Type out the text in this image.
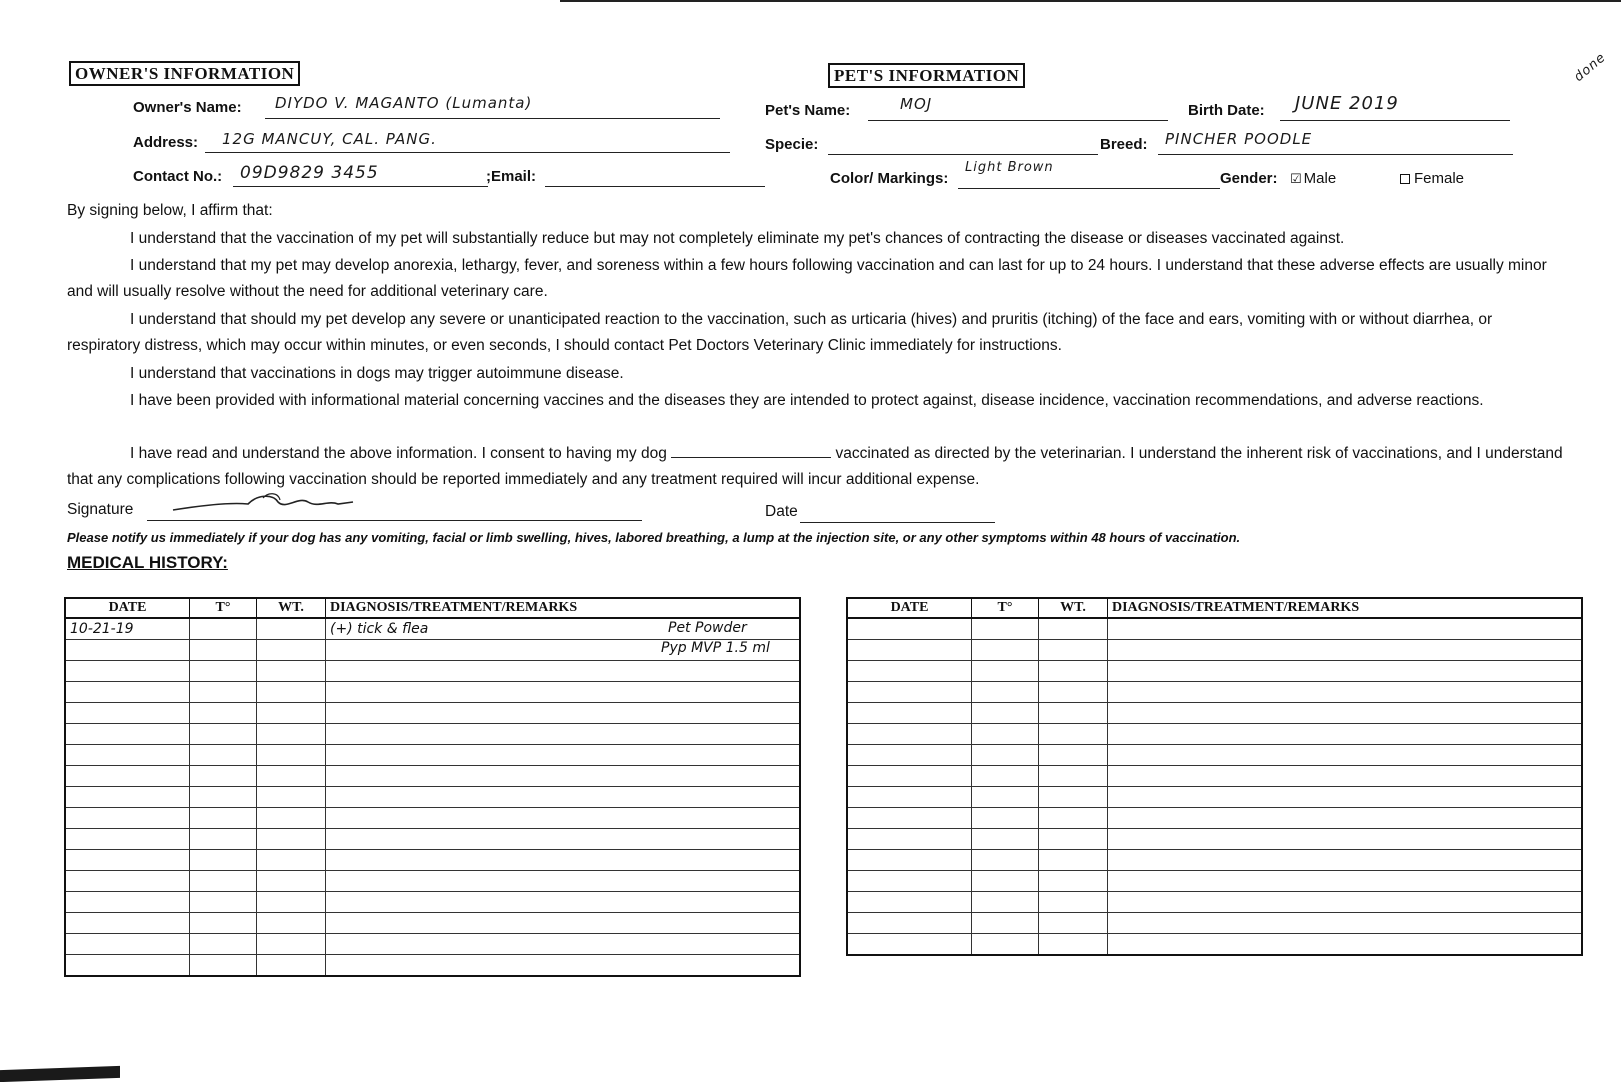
OWNER'S INFORMATION
Owner's Name: DIYDO V. MAGANTO (Lumanta)
Address: 12G MANCUY, CAL. PANG.
Contact No.: 09D9829 3455	;Email:
PET'S INFORMATION	done
Pet's Name:	MOJ	Birth Date: JUNE 2019
Specie:	Breed: PINCHER POODLE
Color/ Markings:
Light Brown
Gender: ☑ Male	Female
By signing below, I affirm that:
I understand that the vaccination of my pet will substantially reduce but may not completely eliminate my pet's chances of contracting the disease or diseases vaccinated against.
I understand that my pet may develop anorexia, lethargy, fever, and soreness within a few hours following vaccination and can last for up to 24 hours. I understand that these adverse effects are usually minor and will usually resolve without the need for additional veterinary care.
I understand that should my pet develop any severe or unanticipated reaction to the vaccination, such as urticaria (hives) and pruritis (itching) of the face and ears, vomiting with or without diarrhea, or respiratory distress, which may occur within minutes, or even seconds, I should contact Pet Doctors Veterinary Clinic immediately for instructions.
I understand that vaccinations in dogs may trigger autoimmune disease.
I have been provided with informational material concerning vaccines and the diseases they are intended to protect against, disease incidence, vaccination recommendations, and adverse reactions.
I have read and understand the above information. I consent to having my dog	vaccinated as directed by the veterinarian. I understand the inherent risk of vaccinations, and I understand that any complications following vaccination should be reported immediately and any treatment required will incur additional expense.
Signature	Date
Please notify us immediately if your dog has any vomiting, facial or limb swelling, hives, labored breathing, a lump at the injection site, or any other symptoms within 48 hours of vaccination.
MEDICAL HISTORY:
DATE	T°	WT.	DIAGNOSIS/TREATMENT/REMARKS
10-21-19			(+) tick & flea Pet Powder

			Pyp MVP 1.5 ml

DATE	T°	WT.	DIAGNOSIS/TREATMENT/REMARKS
